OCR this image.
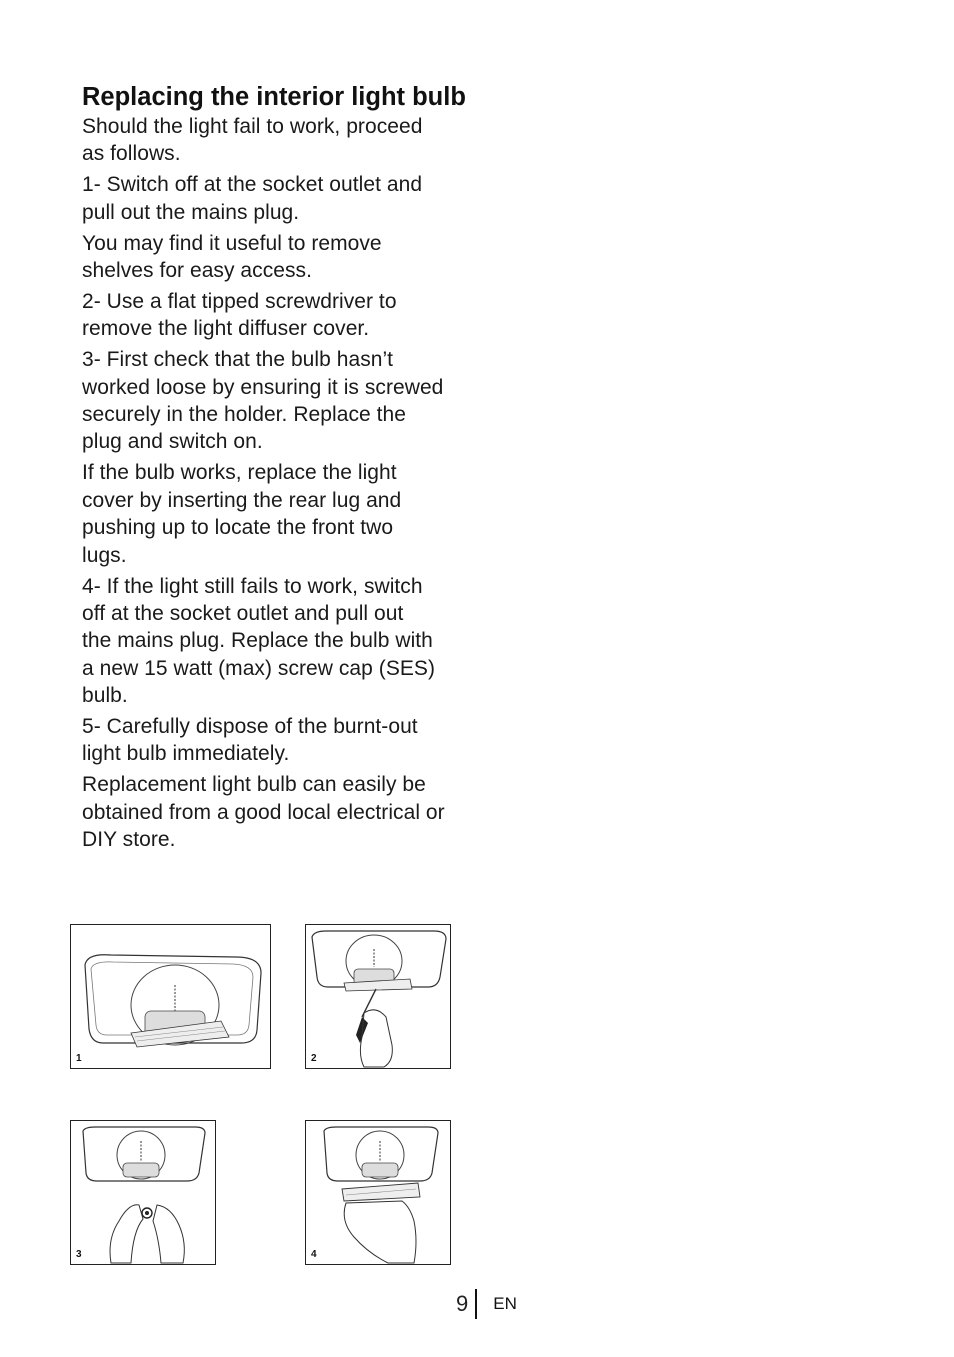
Replacing the interior light bulb

Should the light fail to work, proceed
as follows.

1- Switch off at the socket outlet and
pull out the mains plug.

You may find it useful to remove
shelves for easy access.

2- Use a flat tipped screwdriver to
remove the light diffuser cover.

3- First check that the bulb hasn’t
worked loose by ensuring it is screwed
securely in the holder. Replace the
plug and switch on.

If the bulb works, replace the light
cover by inserting the rear lug and
pushing up to locate the front two
lugs.

4- If the light still fails to work, switch
off at the socket outlet and pull out
the mains plug. Replace the bulb with
a new 15 watt (max) screw cap (SES)
bulb.

5- Carefully dispose of the burnt-out
light bulb immediately.

Replacement light bulb can easily be
obtained from a good local electrical or
DIY store.

1	2
3	4
9 EN
